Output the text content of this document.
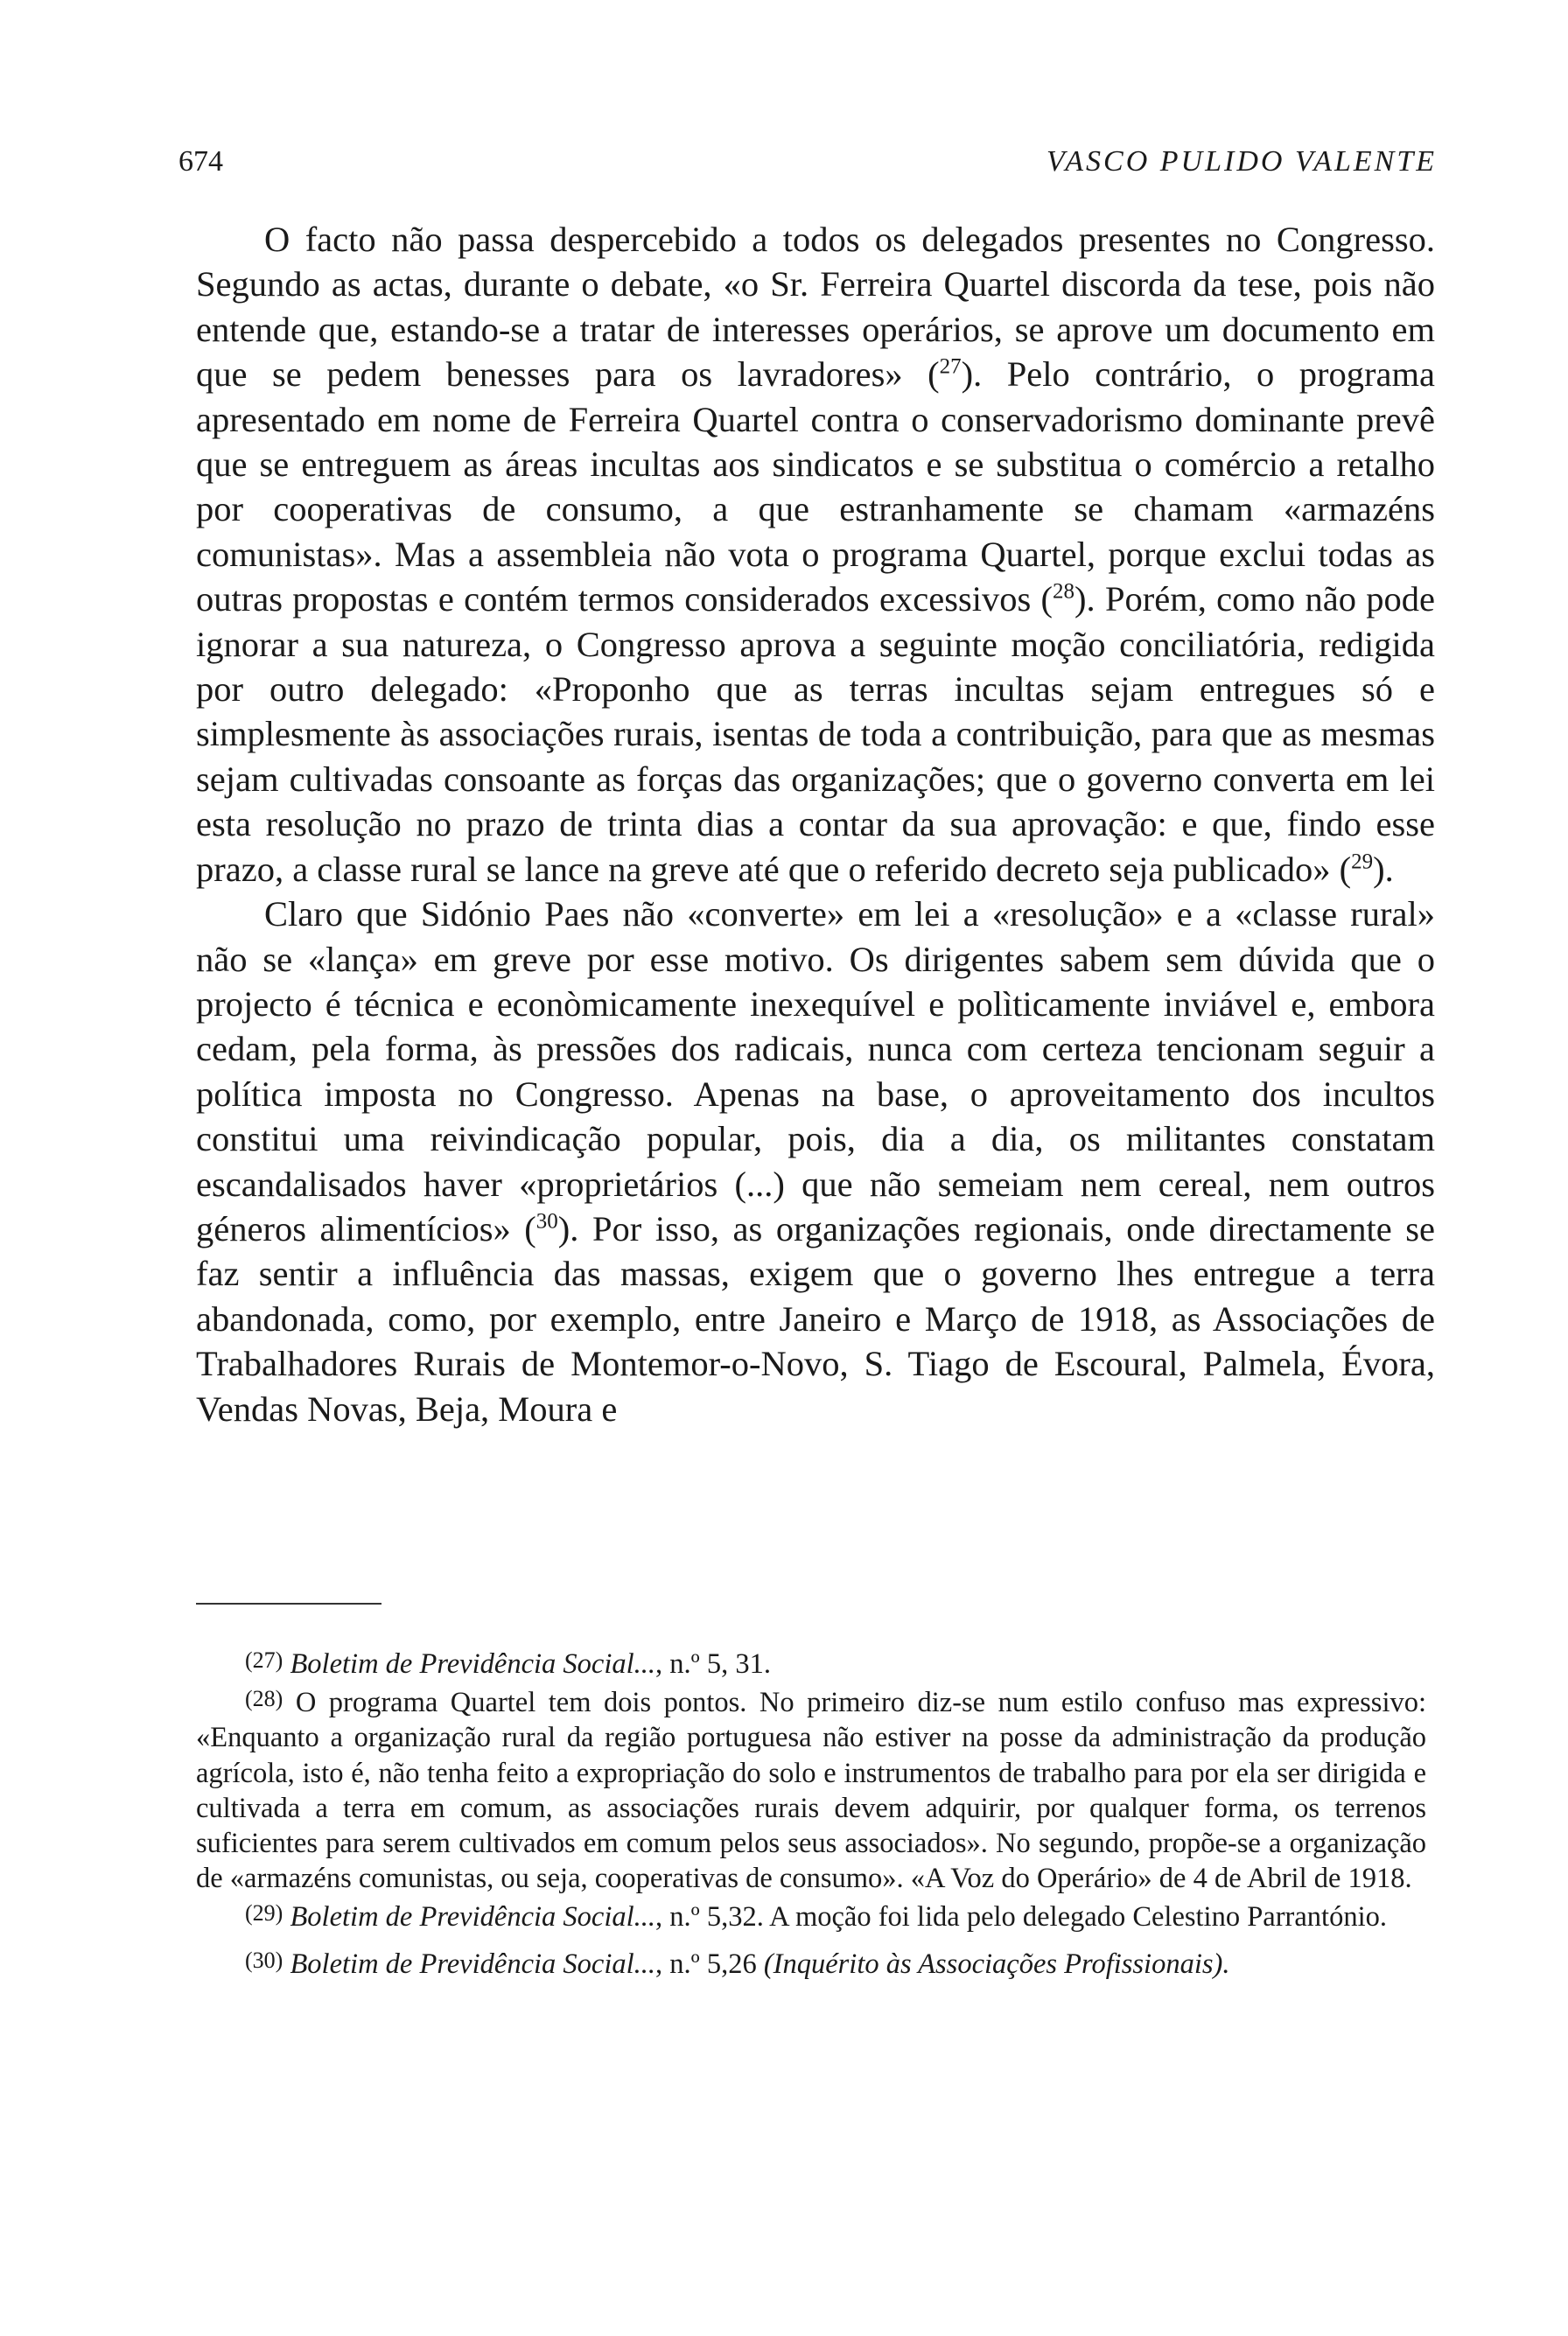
674	VASCO PULIDO VALENTE

O facto não passa despercebido a todos os delegados presentes no Congresso. Segundo as actas, durante o debate, «o Sr. Ferreira Quartel discorda da tese, pois não entende que, estando-se a tratar de interesses operários, se aprove um documento em que se pedem benesses para os lavradores» ($^{27}$). Pelo contrário, o programa apresentado em nome de Ferreira Quartel contra o conservadorismo dominante prevê que se entreguem as áreas incultas aos sindicatos e se substitua o comércio a retalho por cooperativas de consumo, a que estranhamente se chamam «armazéns comunistas». Mas a assembleia não vota o programa Quartel, porque exclui todas as outras propostas e contém termos considerados excessivos ($^{28}$). Porém, como não pode ignorar a sua natureza, o Congresso aprova a seguinte moção conciliatória, redigida por outro delegado: «Proponho que as terras incultas sejam entregues só e simplesmente às associações rurais, isentas de toda a contribuição, para que as mesmas sejam cultivadas consoante as forças das organizações; que o governo converta em lei esta resolução no prazo de trinta dias a contar da sua aprovação: e que, findo esse prazo, a classe rural se lance na greve até que o referido decreto seja publicado» ($^{29}$).

Claro que Sidónio Paes não «converte» em lei a «resolução» e a «classe rural» não se «lança» em greve por esse motivo. Os dirigentes sabem sem dúvida que o projecto é técnica e econòmicamente inexequível e polìticamente inviável e, embora cedam, pela forma, às pressões dos radicais, nunca com certeza tencionam seguir a política imposta no Congresso. Apenas na base, o aproveitamento dos incultos constitui uma reivindicação popular, pois, dia a dia, os militantes constatam escandalisados haver «proprietários (...) que não semeiam nem cereal, nem outros géneros alimentícios» ($^{30}$). Por isso, as organizações regionais, onde directamente se faz sentir a influência das massas, exigem que o governo lhes entregue a terra abandonada, como, por exemplo, entre Janeiro e Março de 1918, as Associações de Trabalhadores Rurais de Montemor-o-Novo, S. Tiago de Escoural, Palmela, Évora, Vendas Novas, Beja, Moura e

(27) Boletim de Previdência Social..., n.º 5, 31.

(28) O programa Quartel tem dois pontos. No primeiro diz-se num estilo confuso mas expressivo: «Enquanto a organização rural da região portuguesa não estiver na posse da administração da produção agrícola, isto é, não tenha feito a expropriação do solo e instrumentos de trabalho para por ela ser dirigida e cultivada a terra em comum, as associações rurais devem adquirir, por qualquer forma, os terrenos suficientes para serem cultivados em comum pelos seus associados». No segundo, propõe-se a organização de «armazéns comunistas, ou seja, cooperativas de consumo». «A Voz do Operário» de 4 de Abril de 1918.

(29) Boletim de Previdência Social..., n.º 5,32. A moção foi lida pelo delegado Celestino Parrantónio.

(30) Boletim de Previdência Social..., n.º 5,26 (Inquérito às Associações Profissionais).
